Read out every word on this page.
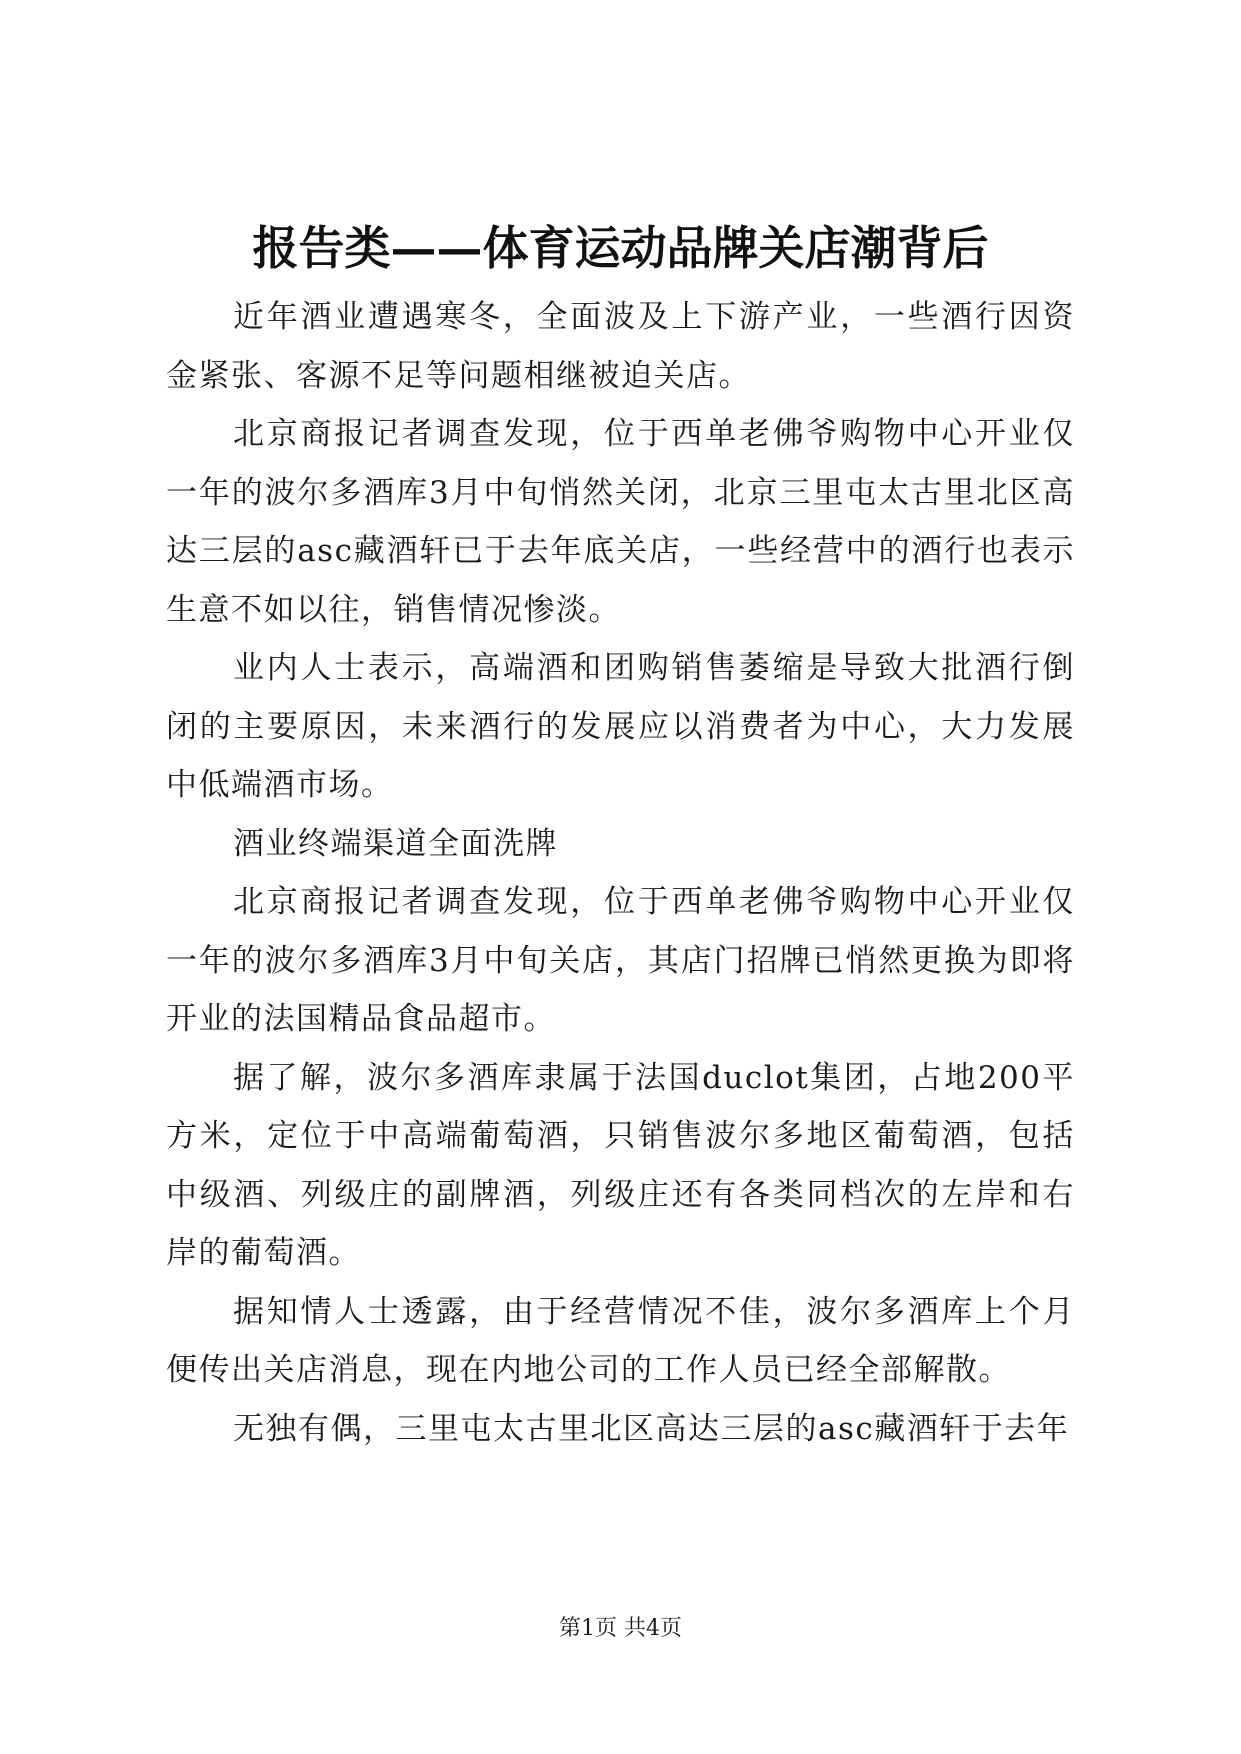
报告类——体育运动品牌关店潮背后

近年酒业遭遇寒冬，全面波及上下游产业，一些酒行因资金紧张、客源不足等问题相继被迫关店。

北京商报记者调查发现，位于西单老佛爷购物中心开业仅一年的波尔多酒库3月中旬悄然关闭，北京三里屯太古里北区高达三层的asc藏酒轩已于去年底关店，一些经营中的酒行也表示生意不如以往，销售情况惨淡。

业内人士表示，高端酒和团购销售萎缩是导致大批酒行倒闭的主要原因，未来酒行的发展应以消费者为中心，大力发展中低端酒市场。

酒业终端渠道全面洗牌

北京商报记者调查发现，位于西单老佛爷购物中心开业仅一年的波尔多酒库3月中旬关店，其店门招牌已悄然更换为即将开业的法国精品食品超市。

据了解，波尔多酒库隶属于法国duclot集团，占地200平方米，定位于中高端葡萄酒，只销售波尔多地区葡萄酒，包括中级酒、列级庄的副牌酒，列级庄还有各类同档次的左岸和右岸的葡萄酒。

据知情人士透露，由于经营情况不佳，波尔多酒库上个月便传出关店消息，现在内地公司的工作人员已经全部解散。

无独有偶，三里屯太古里北区高达三层的asc藏酒轩于去年

第1页 共4页
